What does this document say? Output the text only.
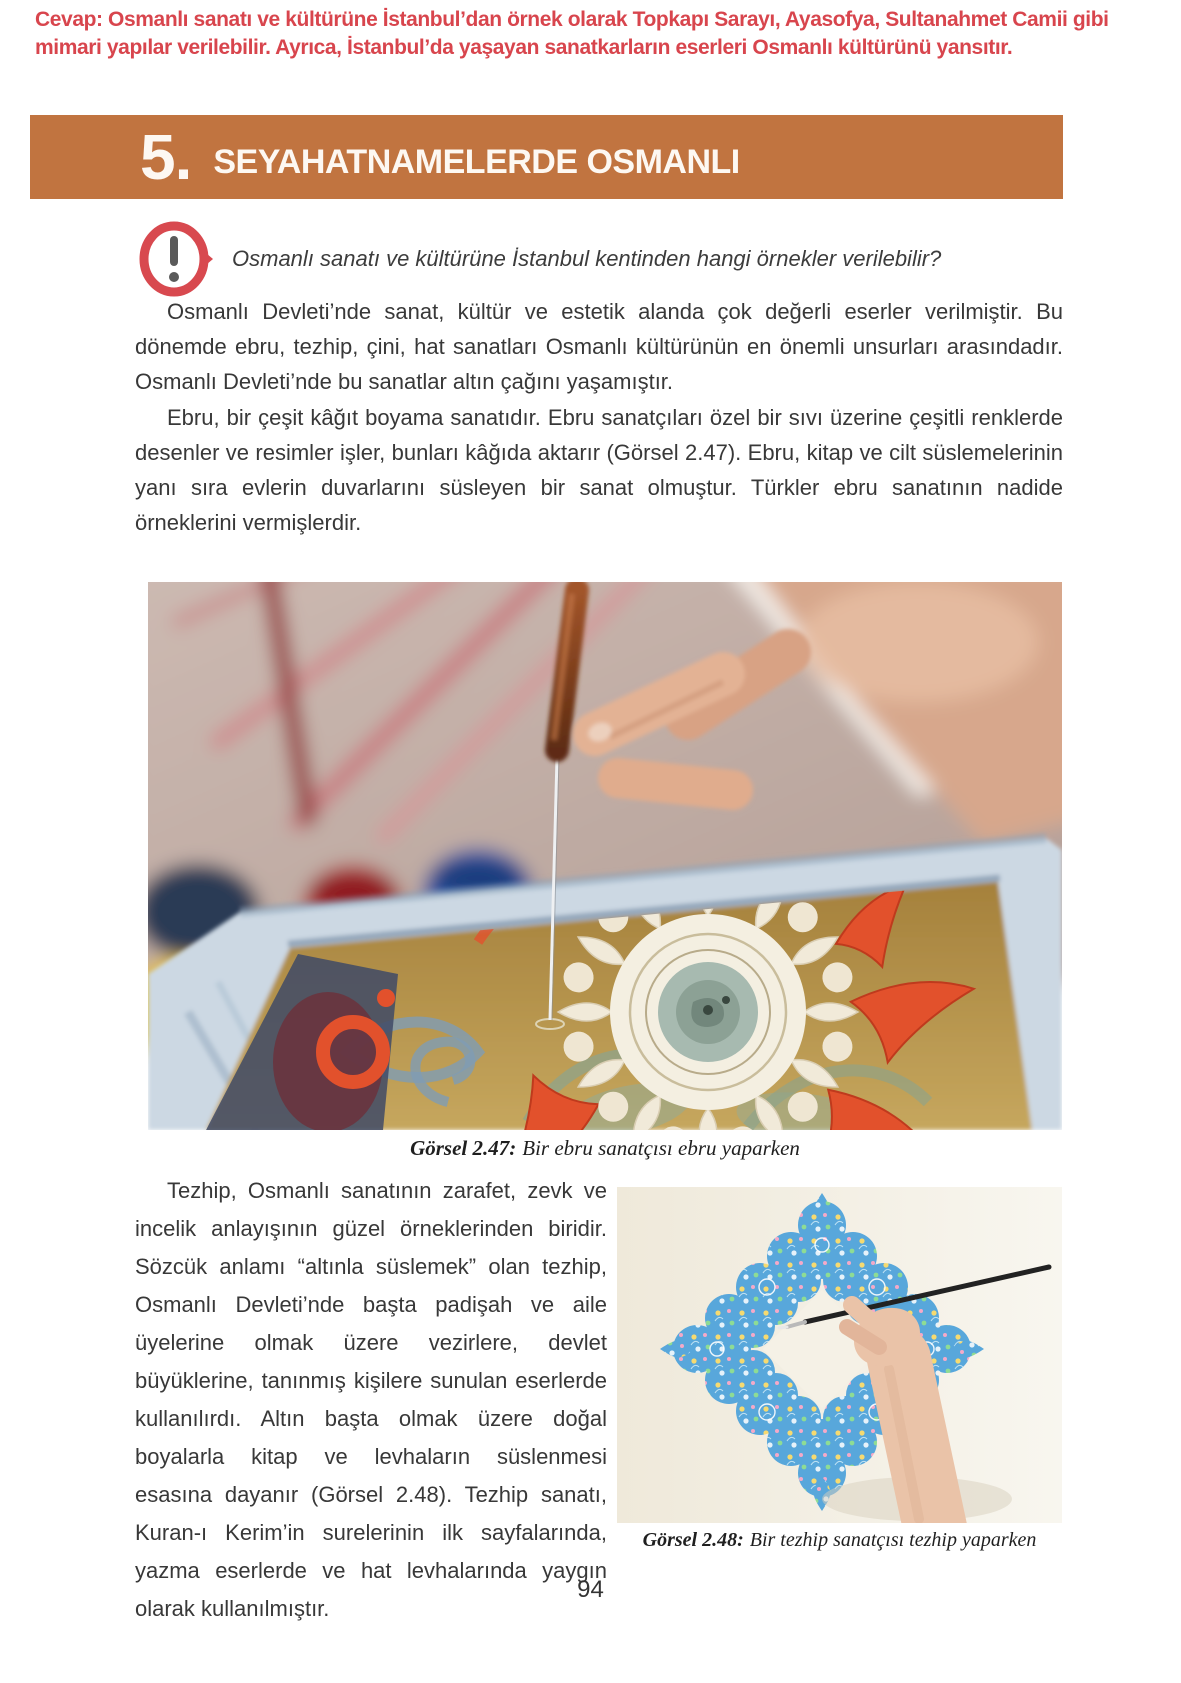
Cevap: Osmanlı sanatı ve kültürüne İstanbul’dan örnek olarak Topkapı Sarayı, Ayasofya, Sultanahmet Camii gibi mimari yapılar verilebilir. Ayrıca, İstanbul’da yaşayan sanatkarların eserleri Osmanlı kültürünü yansıtır.
5. SEYAHATNAMELERDE OSMANLI
Osmanlı sanatı ve kültürüne İstanbul kentinden hangi örnekler verilebilir?
Osmanlı Devleti’nde sanat, kültür ve estetik alanda çok değerli eserler verilmiştir. Bu dönemde ebru, tezhip, çini, hat sanatları Osmanlı kültürünün en önemli unsurları arasındadır. Osmanlı Devleti’nde bu sanatlar altın çağını yaşamıştır.
Ebru, bir çeşit kâğıt boyama sanatıdır. Ebru sanatçıları özel bir sıvı üzerine çeşitli renklerde desenler ve resimler işler, bunları kâğıda aktarır (Görsel 2.47). Ebru, kitap ve cilt süslemelerinin yanı sıra evlerin duvarlarını süsleyen bir sanat olmuştur. Türkler ebru sanatının nadide örneklerini vermişlerdir.
Görsel 2.47: Bir ebru sanatçısı ebru yaparken
Tezhip, Osmanlı sanatının zarafet, zevk ve incelik anlayışının güzel örneklerinden biridir. Sözcük anlamı “altınla süslemek” olan tezhip, Osmanlı Devleti’nde başta padişah ve aile üyelerine olmak üzere vezirlere, devlet büyüklerine, tanınmış kişilere sunulan eserlerde kullanılırdı. Altın başta olmak üzere doğal boyalarla kitap ve levhaların süslenmesi esasına dayanır (Görsel 2.48). Tezhip sanatı, Kuran-ı Kerim’in surelerinin ilk sayfalarında, yazma eserlerde ve hat levhalarında yaygın olarak kullanılmıştır.
Görsel 2.48: Bir tezhip sanatçısı tezhip yaparken
94
